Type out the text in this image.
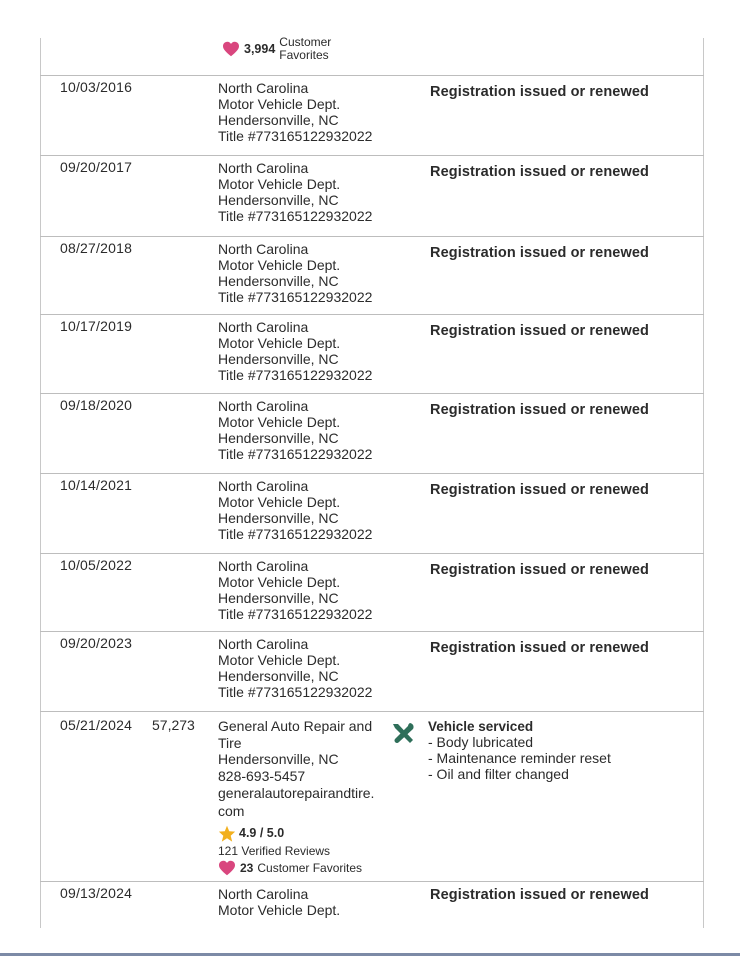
3,994 Customer
Favorites
10/03/2016	North Carolina
Motor Vehicle Dept.
Hendersonville, NC
Title #773165122932022
Registration issued or renewed
09/20/2017	North Carolina
Motor Vehicle Dept.
Hendersonville, NC
Title #773165122932022
Registration issued or renewed
08/27/2018	North Carolina
Motor Vehicle Dept.
Hendersonville, NC
Title #773165122932022
Registration issued or renewed
10/17/2019	North Carolina
Motor Vehicle Dept.
Hendersonville, NC
Title #773165122932022
Registration issued or renewed
09/18/2020	North Carolina
Motor Vehicle Dept.
Hendersonville, NC
Title #773165122932022
Registration issued or renewed
10/14/2021	North Carolina
Motor Vehicle Dept.
Hendersonville, NC
Title #773165122932022
Registration issued or renewed
10/05/2022	North Carolina
Motor Vehicle Dept.
Hendersonville, NC
Title #773165122932022
Registration issued or renewed
09/20/2023	North Carolina
Motor Vehicle Dept.
Hendersonville, NC
Title #773165122932022
Registration issued or renewed
05/21/2024 57,273 General Auto Repair and
Tire
Hendersonville, NC
828-693-5457
generalautorepairandtire.
com
4.9 / 5.0
121 Verified Reviews
23 Customer Favorites
Vehicle serviced
- Body lubricated
- Maintenance reminder reset
- Oil and filter changed
09/13/2024	North Carolina
Motor Vehicle Dept.
Registration issued or renewed
